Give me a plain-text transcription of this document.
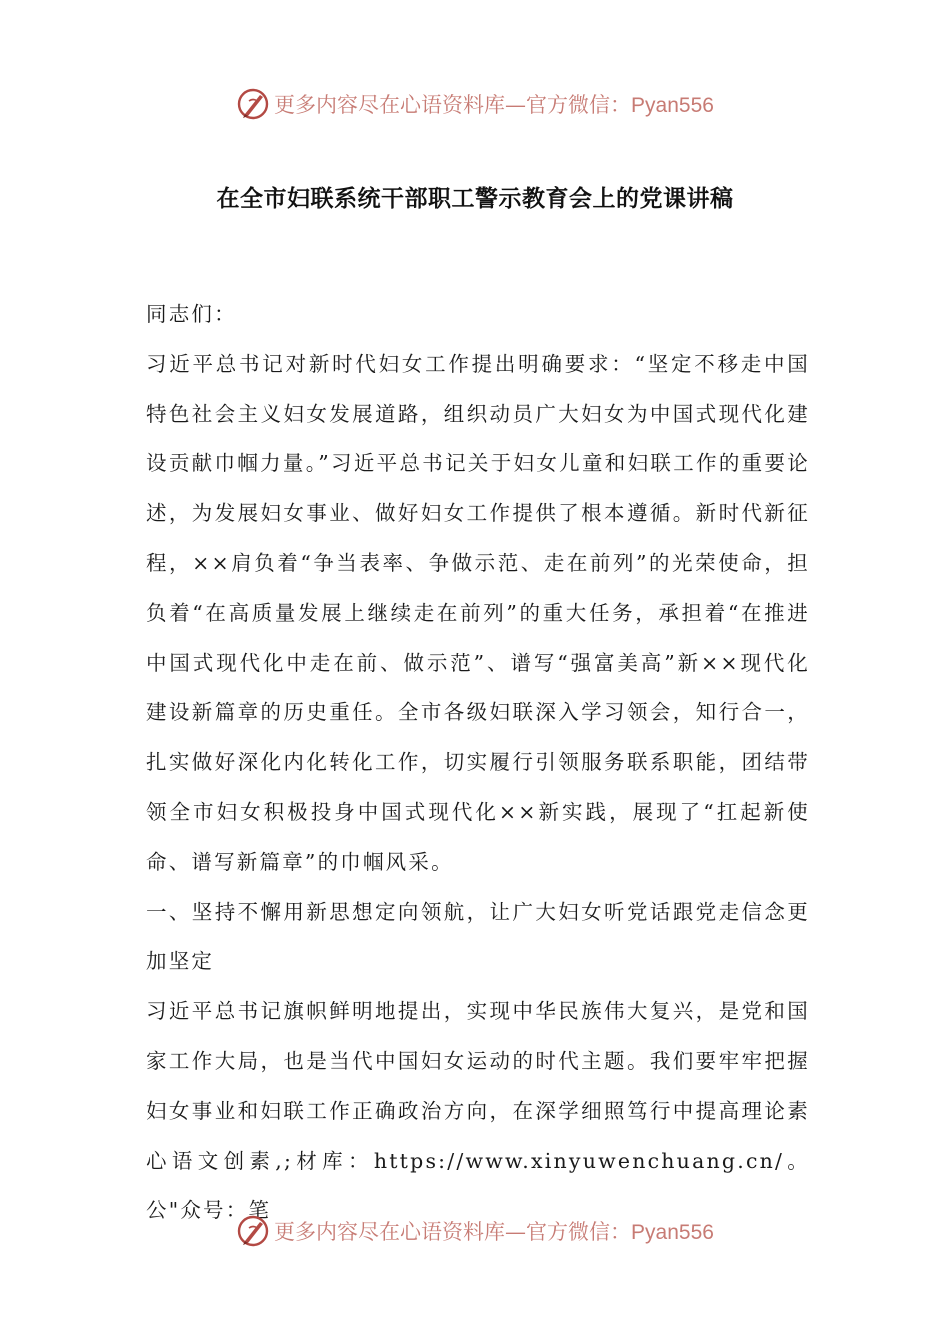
更多内容尽在心语资料库—官方微信：Pyan556
在全市妇联系统干部职工警示教育会上的党课讲稿

同志们：

习近平总书记对新时代妇女工作提出明确要求：“坚定不移走中国特色社会主义妇女发展道路，组织动员广大妇女为中国式现代化建设贡献巾帼力量。”习近平总书记关于妇女儿童和妇联工作的重要论述，为发展妇女事业、做好妇女工作提供了根本遵循。新时代新征程，××肩负着“争当表率、争做示范、走在前列”的光荣使命，担负着“在高质量发展上继续走在前列”的重大任务，承担着“在推进中国式现代化中走在前、做示范”、谱写“强富美高”新××现代化建设新篇章的历史重任。全市各级妇联深入学习领会，知行合一，扎实做好深化内化转化工作，切实履行引领服务联系职能，团结带领全市妇女积极投身中国式现代化××新实践，展现了“扛起新使命、谱写新篇章”的巾帼风采。

一、坚持不懈用新思想定向领航，让广大妇女听党话跟党走信念更加坚定

习近平总书记旗帜鲜明地提出，实现中华民族伟大复兴，是党和国家工作大局，也是当代中国妇女运动的时代主题。我们要牢牢把握妇女事业和妇联工作正确政治方向，在深学细照笃行中提高理论素心语文创素,;材库：https://www.xinyuwenchuang.cn/。公"众号：笔

更多内容尽在心语资料库—官方微信：Pyan556
